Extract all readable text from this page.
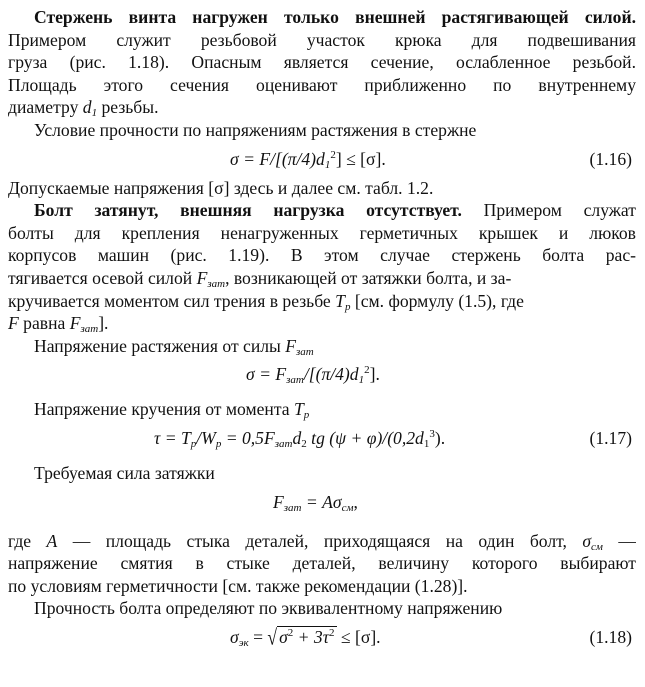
Стержень винта нагружен только внешней растягивающей силой.
Примером служит резьбовой участок крюка для подвешивания
груза (рис. 1.18). Опасным является сечение, ослабленное резьбой.
Площадь этого сечения оценивают приближенно по внутреннему
диаметру $d_1$ резьбы.
Условие прочности по напряжениям растяжения в стержне
$\sigma = F/[(\pi/4)d_1^2] \le [\sigma]$.	(1.16)
Допускаемые напряжения [σ] здесь и далее см. табл. 1.2.
Болт затянут, внешняя нагрузка отсутствует. Примером служат
болты для крепления ненагруженных герметичных крышек и люков
корпусов машин (рис. 1.19). В этом случае стержень болта рас-
тягивается осевой силой $F_{зат}$, возникающей от затяжки болта, и за-
кручивается моментом сил трения в резьбе $T_р$ [см. формулу (1.5), где
F равна $F_{зат}$].
Напряжение растяжения от силы $F_{зат}$
$\sigma = F_{зат}/[(\pi/4)d_1^2]$.
Напряжение кручения от момента $T_р$
$\tau = T_р/W_р = 0,5F_{зат}d_2$ tg $(\psi + \varphi)/(0,2d_1^3)$.	(1.17)
Требуемая сила затяжки
$F_{зат} = A\sigma_{см}$,
где A — площадь стыка деталей, приходящаяся на один болт, $\sigma_{см}$ —
напряжение смятия в стыке деталей, величину которого выбирают
по условиям герметичности [см. также рекомендации (1.28)].
Прочность болта определяют по эквивалентному напряжению
$\sigma_{эк}$ = √ $\sigma^2 + 3\tau^2 \le [\sigma]$.	(1.18)
